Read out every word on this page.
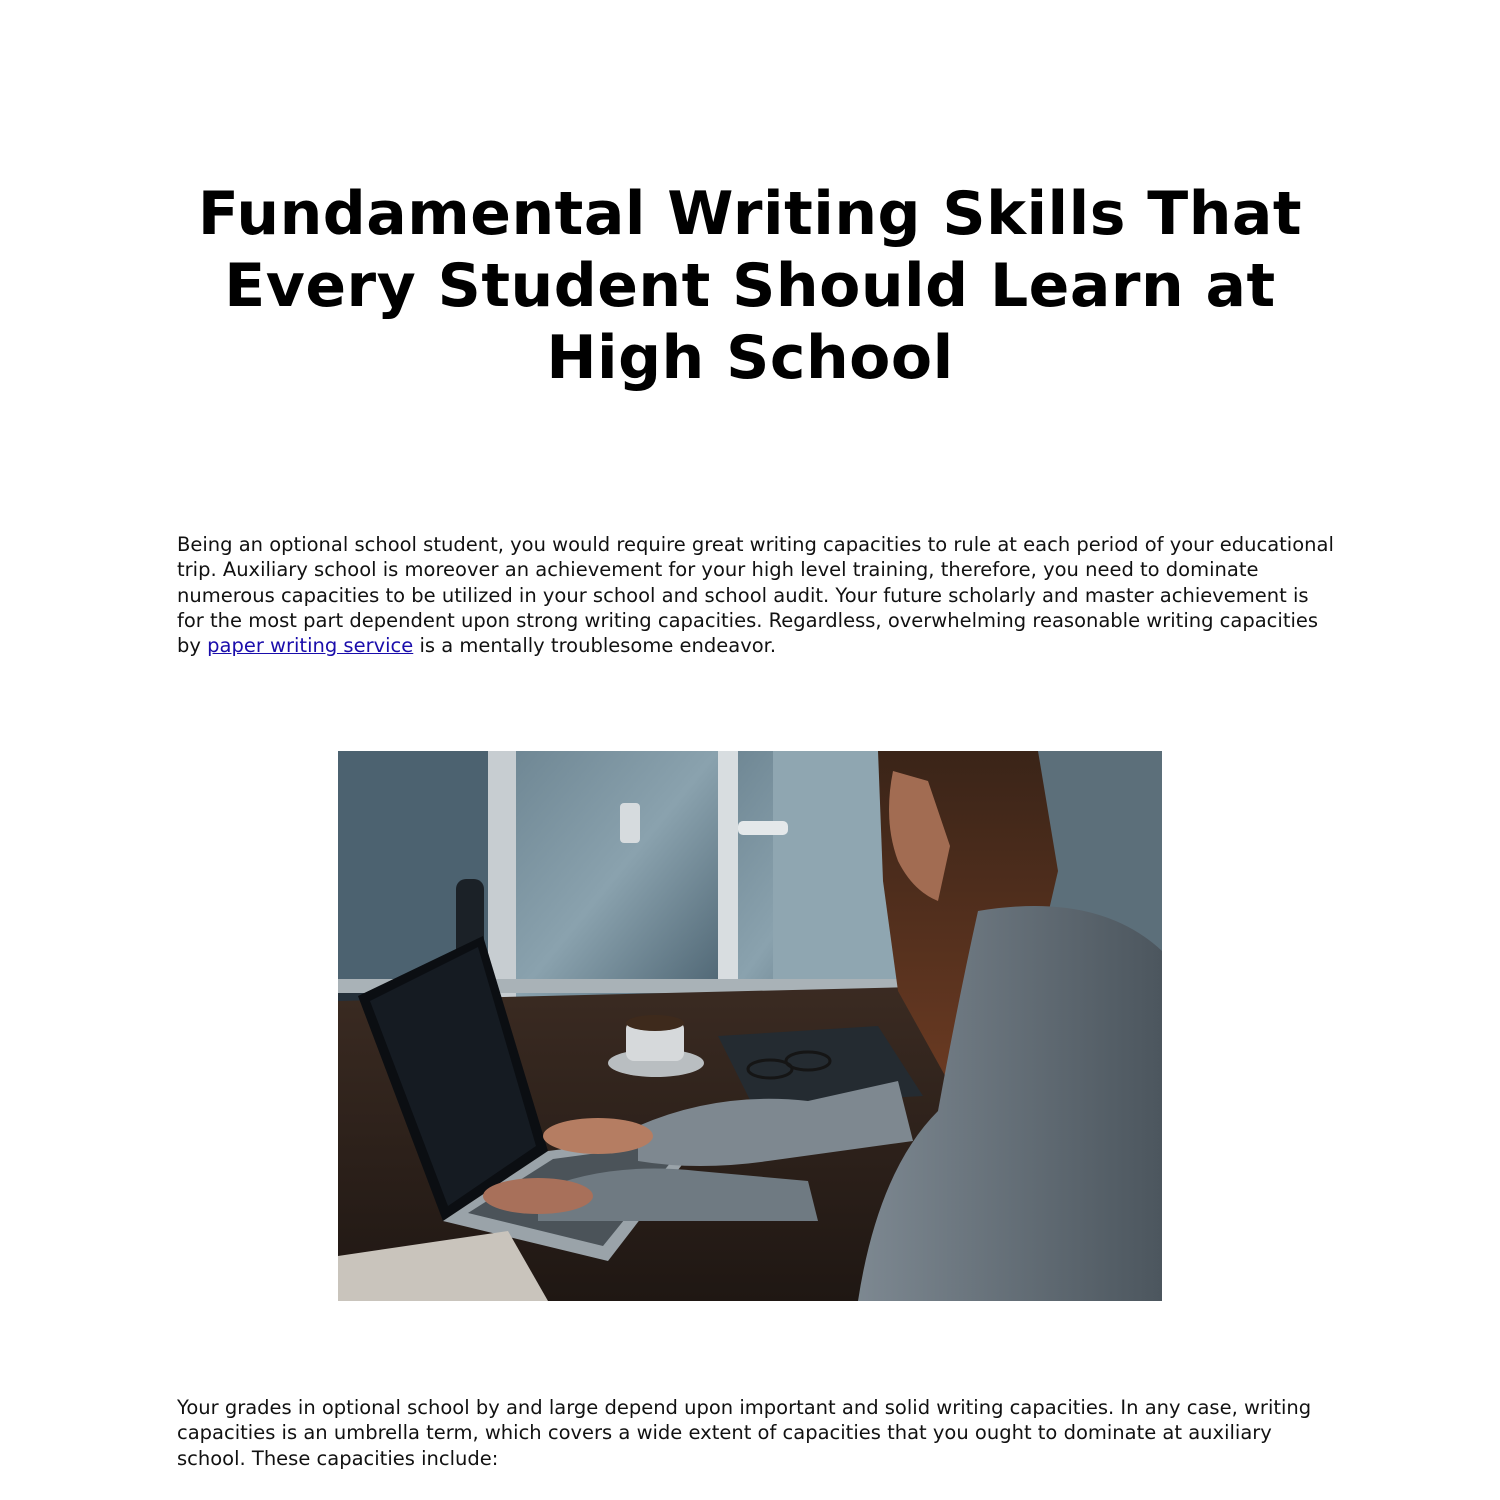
Fundamental Writing Skills That
Every Student Should Learn at
High School

Being an optional school student, you would require great writing capacities to rule at each period of your educational trip. Auxiliary school is moreover an achievement for your high level training, therefore, you need to dominate numerous capacities to be utilized in your school and school audit. Your future scholarly and master achievement is for the most part dependent upon strong writing capacities. Regardless, overwhelming reasonable writing capacities by paper writing service is a mentally troublesome endeavor.

Your grades in optional school by and large depend upon important and solid writing capacities. In any case, writing capacities is an umbrella term, which covers a wide extent of capacities that you ought to dominate at auxiliary school. These capacities include:
